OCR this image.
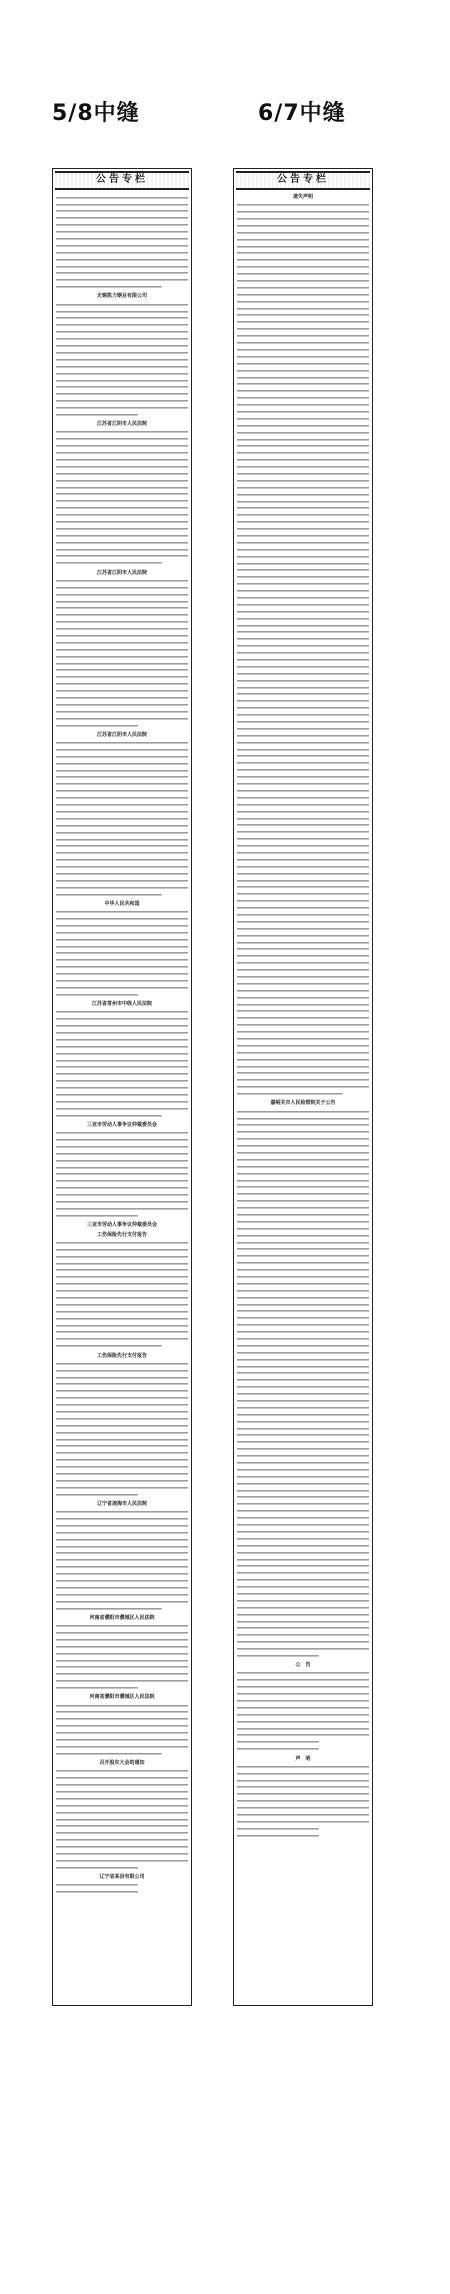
5/8中缝	6/7中缝
公告专栏
无锡凯力钢业有限公司
江苏省江阴市人民法院
江苏省江阴市人民法院
江苏省江阴市人民法院
中华人民共和国
江苏省常州市中级人民法院
三亚市劳动人事争议仲裁委员会
三亚市劳动人事争议仲裁委员会
工伤保险先行支付报告
工伤保险先行支付报告
辽宁省凌海市人民法院
河南省濮阳市濮城区人民法院
河南省濮阳市濮城区人民法院
召开股东大会的通知
辽宁省某县有限公司
公告专栏
遗失声明
嘉峪关市人民检察院关于公告
公　告
声　明
